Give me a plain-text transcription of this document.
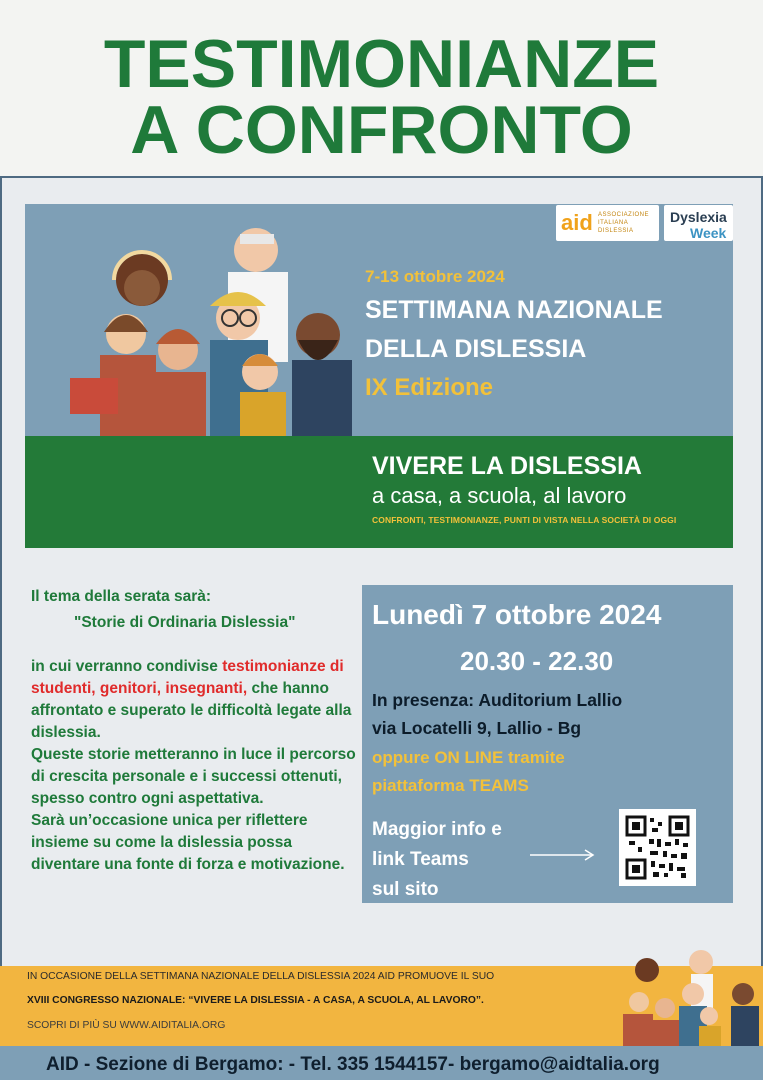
TESTIMONIANZE
A CONFRONTO
aid ASSOCIAZIONE
ITALIANA
DISLESSIA
Dyslexia
Week
7-13 ottobre 2024
SETTIMANA NAZIONALE
DELLA DISLESSIA
IX Edizione
VIVERE LA DISLESSIA
a casa, a scuola, al lavoro
CONFRONTI, TESTIMONIANZE, PUNTI DI VISTA NELLA SOCIETÀ DI OGGI
Il tema della serata sarà:
"Storie di Ordinaria Dislessia"
in cui verranno condivise testimonianze di studenti, genitori, insegnanti, che hanno affrontato e superato le difficoltà legate alla dislessia.
Queste storie metteranno in luce il percorso di crescita personale e i successi ottenuti, spesso contro ogni aspettativa.
Sarà un’occasione unica per riflettere insieme su come la dislessia possa diventare una fonte di forza e motivazione.
Lunedì 7 ottobre 2024
20.30 - 22.30
In presenza: Auditorium Lallio
via Locatelli 9, Lallio - Bg
oppure ON LINE tramite
piattaforma TEAMS
Maggior info e
link Teams
sul sito
IN OCCASIONE DELLA SETTIMANA NAZIONALE DELLA DISLESSIA 2024 AID PROMUOVE IL SUO
XVIII CONGRESSO NAZIONALE: “VIVERE LA DISLESSIA - A CASA, A SCUOLA, AL LAVORO”.
SCOPRI DI PIÙ SU WWW.AIDITALIA.ORG
AID - Sezione di Bergamo: - Tel. 335 1544157- bergamo@aidtalia.org
